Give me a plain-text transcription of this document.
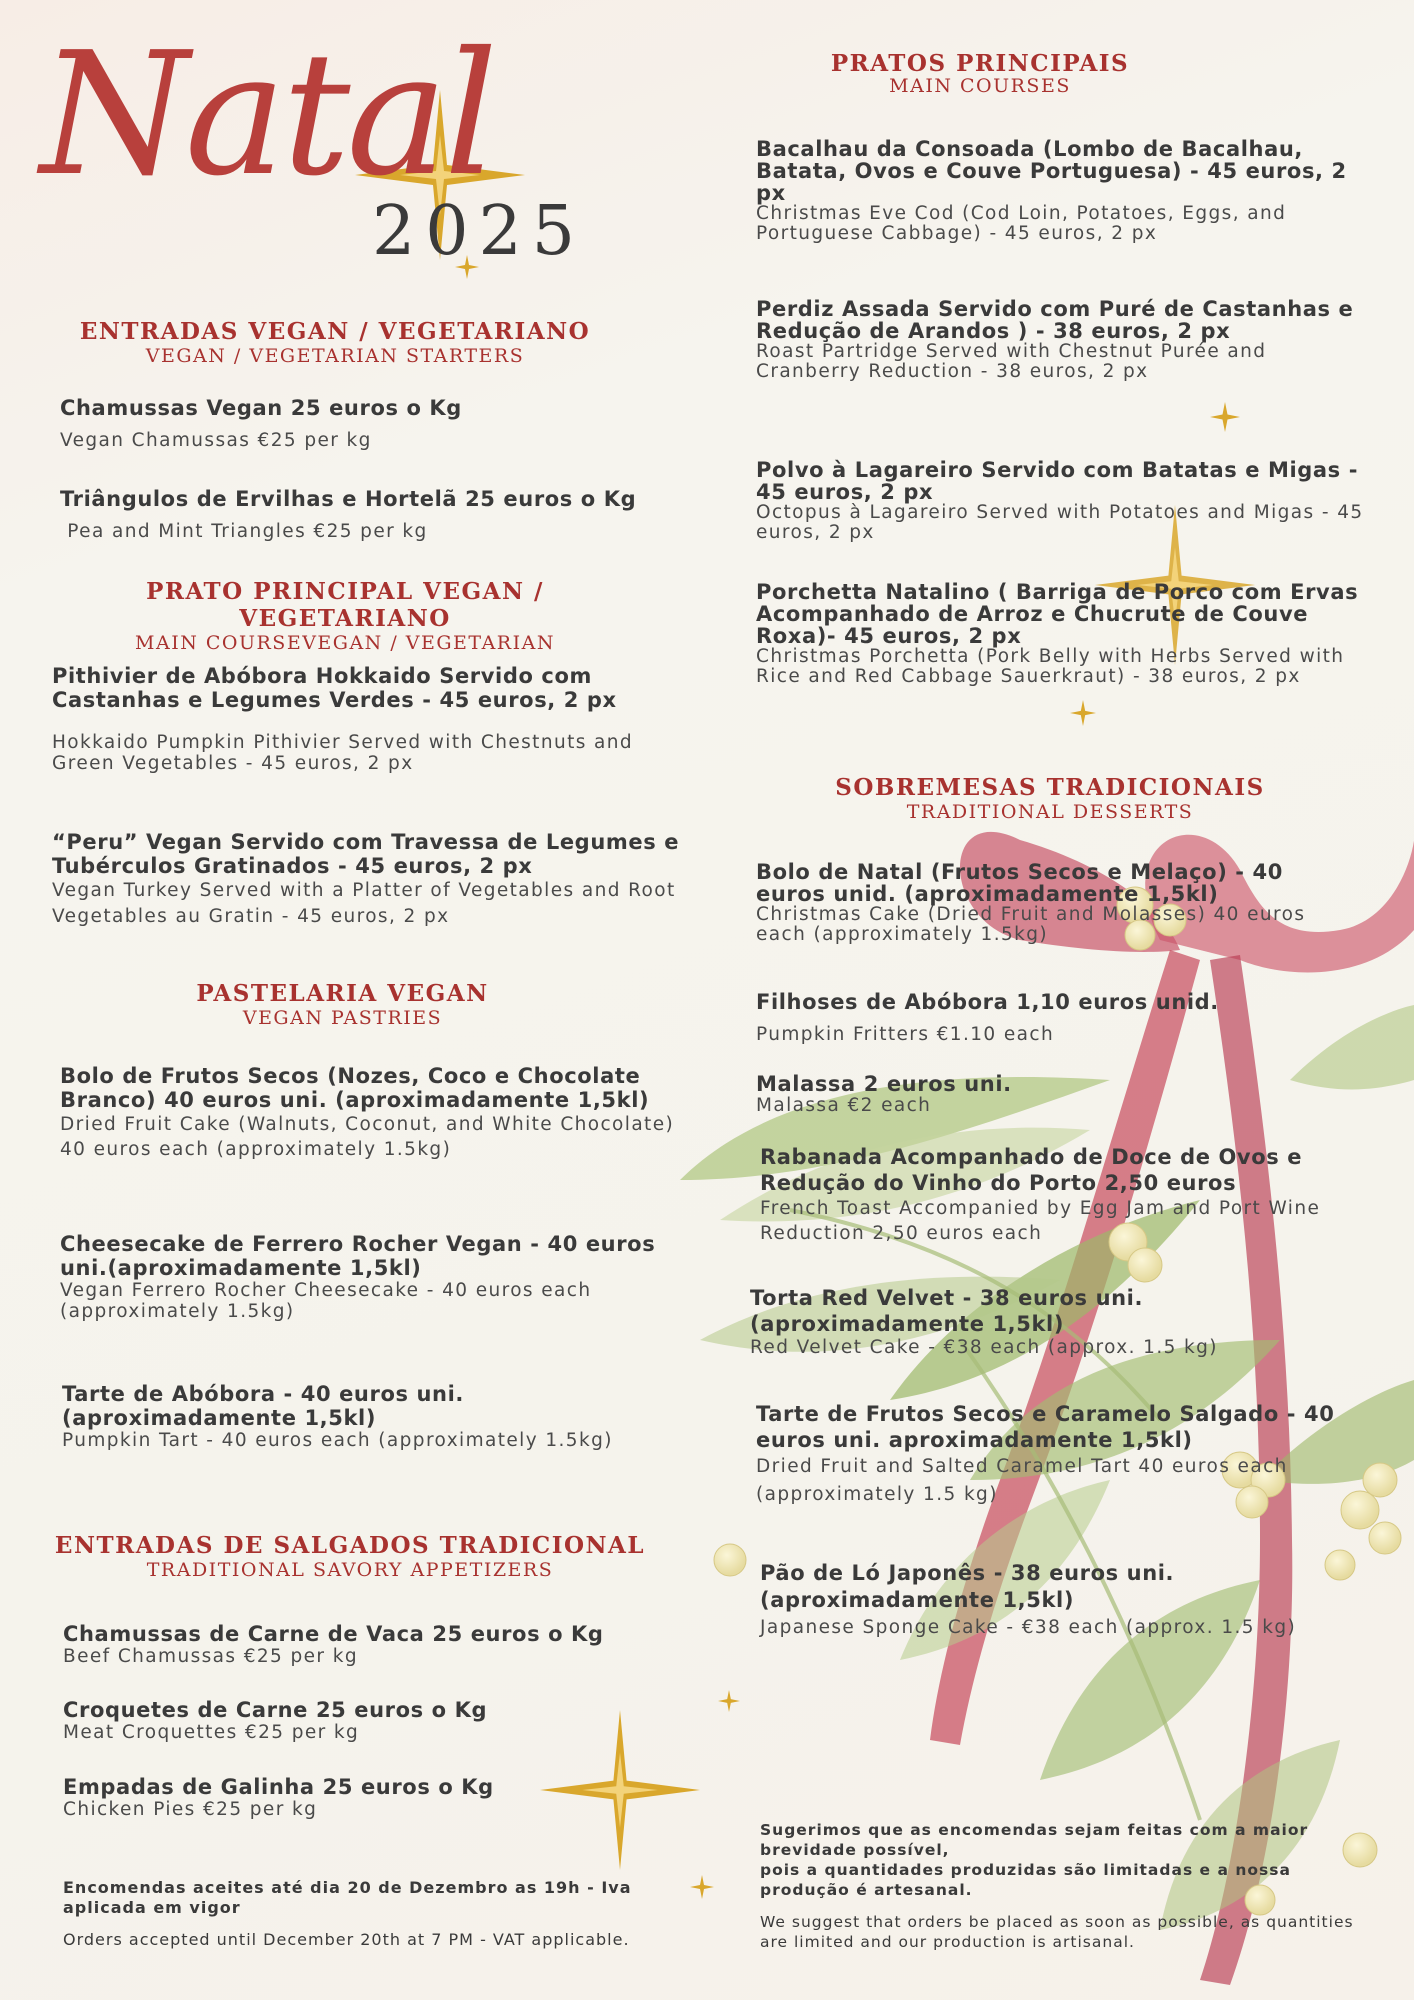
Natal
2025
ENTRADAS VEGAN / VEGETARIANO
VEGAN / VEGETARIAN STARTERS
Chamussas Vegan 25 euros o Kg
Vegan Chamussas €25 per kg
Triângulos de Ervilhas e Hortelã 25 euros o Kg
Pea and Mint Triangles €25 per kg
PRATO PRINCIPAL VEGAN / VEGETARIANO
MAIN COURSEVEGAN / VEGETARIAN
Pithivier de Abóbora Hokkaido Servido com Castanhas e Legumes Verdes - 45 euros, 2 px
Hokkaido Pumpkin Pithivier Served with Chestnuts and Green Vegetables - 45 euros, 2 px
“Peru” Vegan Servido com Travessa de Legumes e Tubérculos Gratinados - 45 euros, 2 px
Vegan Turkey Served with a Platter of Vegetables and Root Vegetables au Gratin - 45 euros, 2 px
PASTELARIA VEGAN
VEGAN PASTRIES
Bolo de Frutos Secos (Nozes, Coco e Chocolate Branco) 40 euros uni. (aproximadamente 1,5kl)
Dried Fruit Cake (Walnuts, Coconut, and White Chocolate) 40 euros each (approximately 1.5kg)
Cheesecake de Ferrero Rocher Vegan - 40 euros uni.(aproximadamente 1,5kl)
Vegan Ferrero Rocher Cheesecake - 40 euros each (approximately 1.5kg)
Tarte de Abóbora - 40 euros uni. (aproximadamente 1,5kl)
Pumpkin Tart - 40 euros each (approximately 1.5kg)
ENTRADAS DE SALGADOS TRADICIONAL
TRADITIONAL SAVORY APPETIZERS
Chamussas de Carne de Vaca 25 euros o Kg
Beef Chamussas €25 per kg
Croquetes de Carne 25 euros o Kg
Meat Croquettes €25 per kg
Empadas de Galinha 25 euros o Kg
Chicken Pies €25 per kg
Encomendas aceites até dia 20 de Dezembro as 19h - Iva aplicada em vigor
Orders accepted until December 20th at 7 PM - VAT applicable.
PRATOS PRINCIPAIS
MAIN COURSES
Bacalhau da Consoada (Lombo de Bacalhau, Batata, Ovos e Couve Portuguesa) - 45 euros, 2 px
Christmas Eve Cod (Cod Loin, Potatoes, Eggs, and Portuguese Cabbage) - 45 euros, 2 px
Perdiz Assada Servido com Puré de Castanhas e Redução de Arandos ) - 38 euros, 2 px
Roast Partridge Served with Chestnut Purée and Cranberry Reduction - 38 euros, 2 px
Polvo à Lagareiro Servido com Batatas e Migas - 45 euros, 2 px
Octopus à Lagareiro Served with Potatoes and Migas - 45 euros, 2 px
Porchetta Natalino ( Barriga de Porco com Ervas Acompanhado de Arroz e Chucrute de Couve Roxa)- 45 euros, 2 px
Christmas Porchetta (Pork Belly with Herbs Served with Rice and Red Cabbage Sauerkraut) - 38 euros, 2 px
SOBREMESAS TRADICIONAIS
TRADITIONAL DESSERTS
Bolo de Natal (Frutos Secos e Melaço) - 40 euros unid. (aproximadamente 1,5kl)
Christmas Cake (Dried Fruit and Molasses) 40 euros each (approximately 1.5kg)
Filhoses de Abóbora 1,10 euros unid.
Pumpkin Fritters €1.10 each
Malassa 2 euros uni.
Malassa €2 each
Rabanada Acompanhado de Doce de Ovos e Redução do Vinho do Porto 2,50 euros
French Toast Accompanied by Egg Jam and Port Wine Reduction 2,50 euros each
Torta Red Velvet - 38 euros uni. (aproximadamente 1,5kl)
Red Velvet Cake - €38 each (approx. 1.5 kg)
Tarte de Frutos Secos e Caramelo Salgado - 40 euros uni. aproximadamente 1,5kl)
Dried Fruit and Salted Caramel Tart 40 euros each (approximately 1.5 kg)
Pão de Ló Japonês - 38 euros uni. (aproximadamente 1,5kl)
Japanese Sponge Cake - €38 each (approx. 1.5 kg)
Sugerimos que as encomendas sejam feitas com a maior brevidade possível,
pois a quantidades produzidas são limitadas e a nossa produção é artesanal.
We suggest that orders be placed as soon as possible, as quantities are limited and our production is artisanal.
